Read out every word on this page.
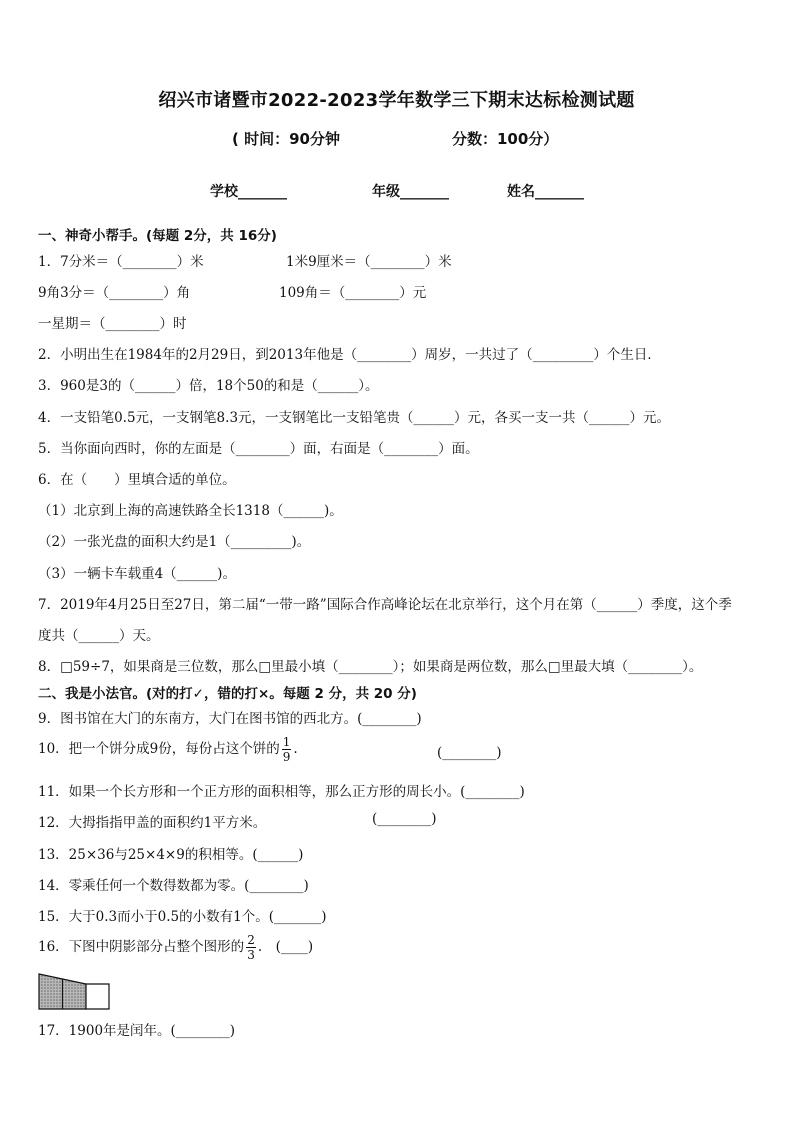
绍兴市诸暨市2022-2023学年数学三下期末达标检测试题
( 时间：90分钟	分数：100分）
学校_______	年级_______	姓名_______
一、神奇小帮手。(每题 2分，共 16分)
1．7分米＝（________）米	1米9厘米＝（________）米
9角3分＝（________）角	109角＝（________）元
一星期＝（________）时
2．小明出生在1984年的2月29日，到2013年他是（________）周岁，一共过了（_________）个生日．
3．960是3的（______）倍，18个50的和是（______）。
4．一支铅笔0.5元，一支钢笔8.3元，一支钢笔比一支铅笔贵（______）元，各买一支一共（______）元。
5．当你面向西时，你的左面是（________）面，右面是（________）面。
6．在（　　）里填合适的单位。
（1）北京到上海的高速铁路全长1318（______)。
（2）一张光盘的面积大约是1（_________)。
（3）一辆卡车载重4（______)。
7．2019年4月25日至27日，第二届“一带一路”国际合作高峰论坛在北京举行，这个月在第（______）季度，这个季
度共（______）天。
8．□59÷7，如果商是三位数，那么□里最小填（________）；如果商是两位数，那么□里最大填（________）。
二、我是小法官。(对的打✓，错的打×。每题 2 分，共 20 分)
9．图书馆在大门的东南方，大门在图书馆的西北方。(________)
10．把一个饼分成9份，每份占这个饼的 $\frac{1}{9}$ .	(________)
11．如果一个长方形和一个正方形的面积相等，那么正方形的周长小。(________)
12．大拇指指甲盖的面积约1平方米。	(________)
13．25×36与25×4×9的积相等。(______)
14．零乘任何一个数得数都为零。(________)
15．大于0.3而小于0.5的小数有1个。(_______)
16．下图中阴影部分占整个图形的 $\frac{2}{3}$ .　(____)
17．1900年是闰年。(________)
